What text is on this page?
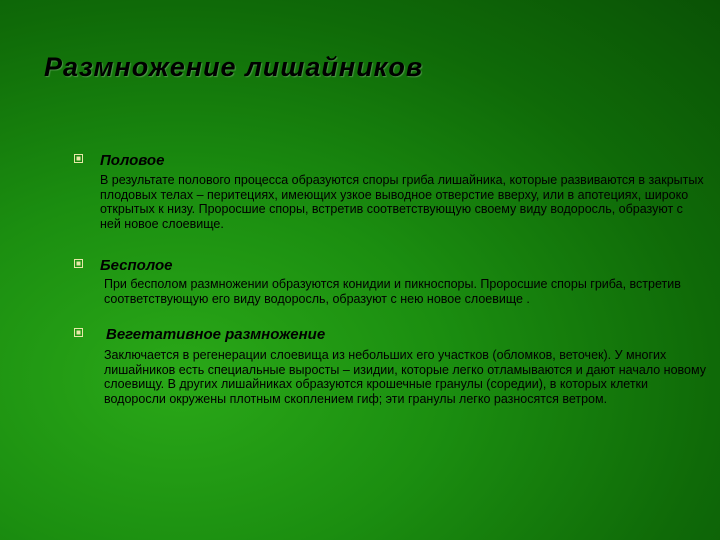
Размножение лишайников
Половое
В результате полового процесса образуются споры гриба лишайника, которые развиваются в закрытых плодовых телах – перитециях, имеющих узкое выводное отверстие вверху, или в апотециях, широко открытых к низу. Проросшие споры, встретив соответствующую своему виду водоросль, образуют с ней новое слоевище.
Бесполое
При бесполом размножении образуются конидии и пикноспоры. Проросшие споры гриба, встретив соответствующую его виду водоросль, образуют с нею новое слоевище .
Вегетативное размножение
Заключается в регенерации слоевища из небольших его участков (обломков, веточек). У многих лишайников есть специальные выросты – изидии, которые легко отламываются и дают начало новому слоевищу. В других лишайниках образуются крошечные гранулы (соредии), в которых клетки водоросли окружены плотным скоплением гиф; эти гранулы легко разносятся ветром.
